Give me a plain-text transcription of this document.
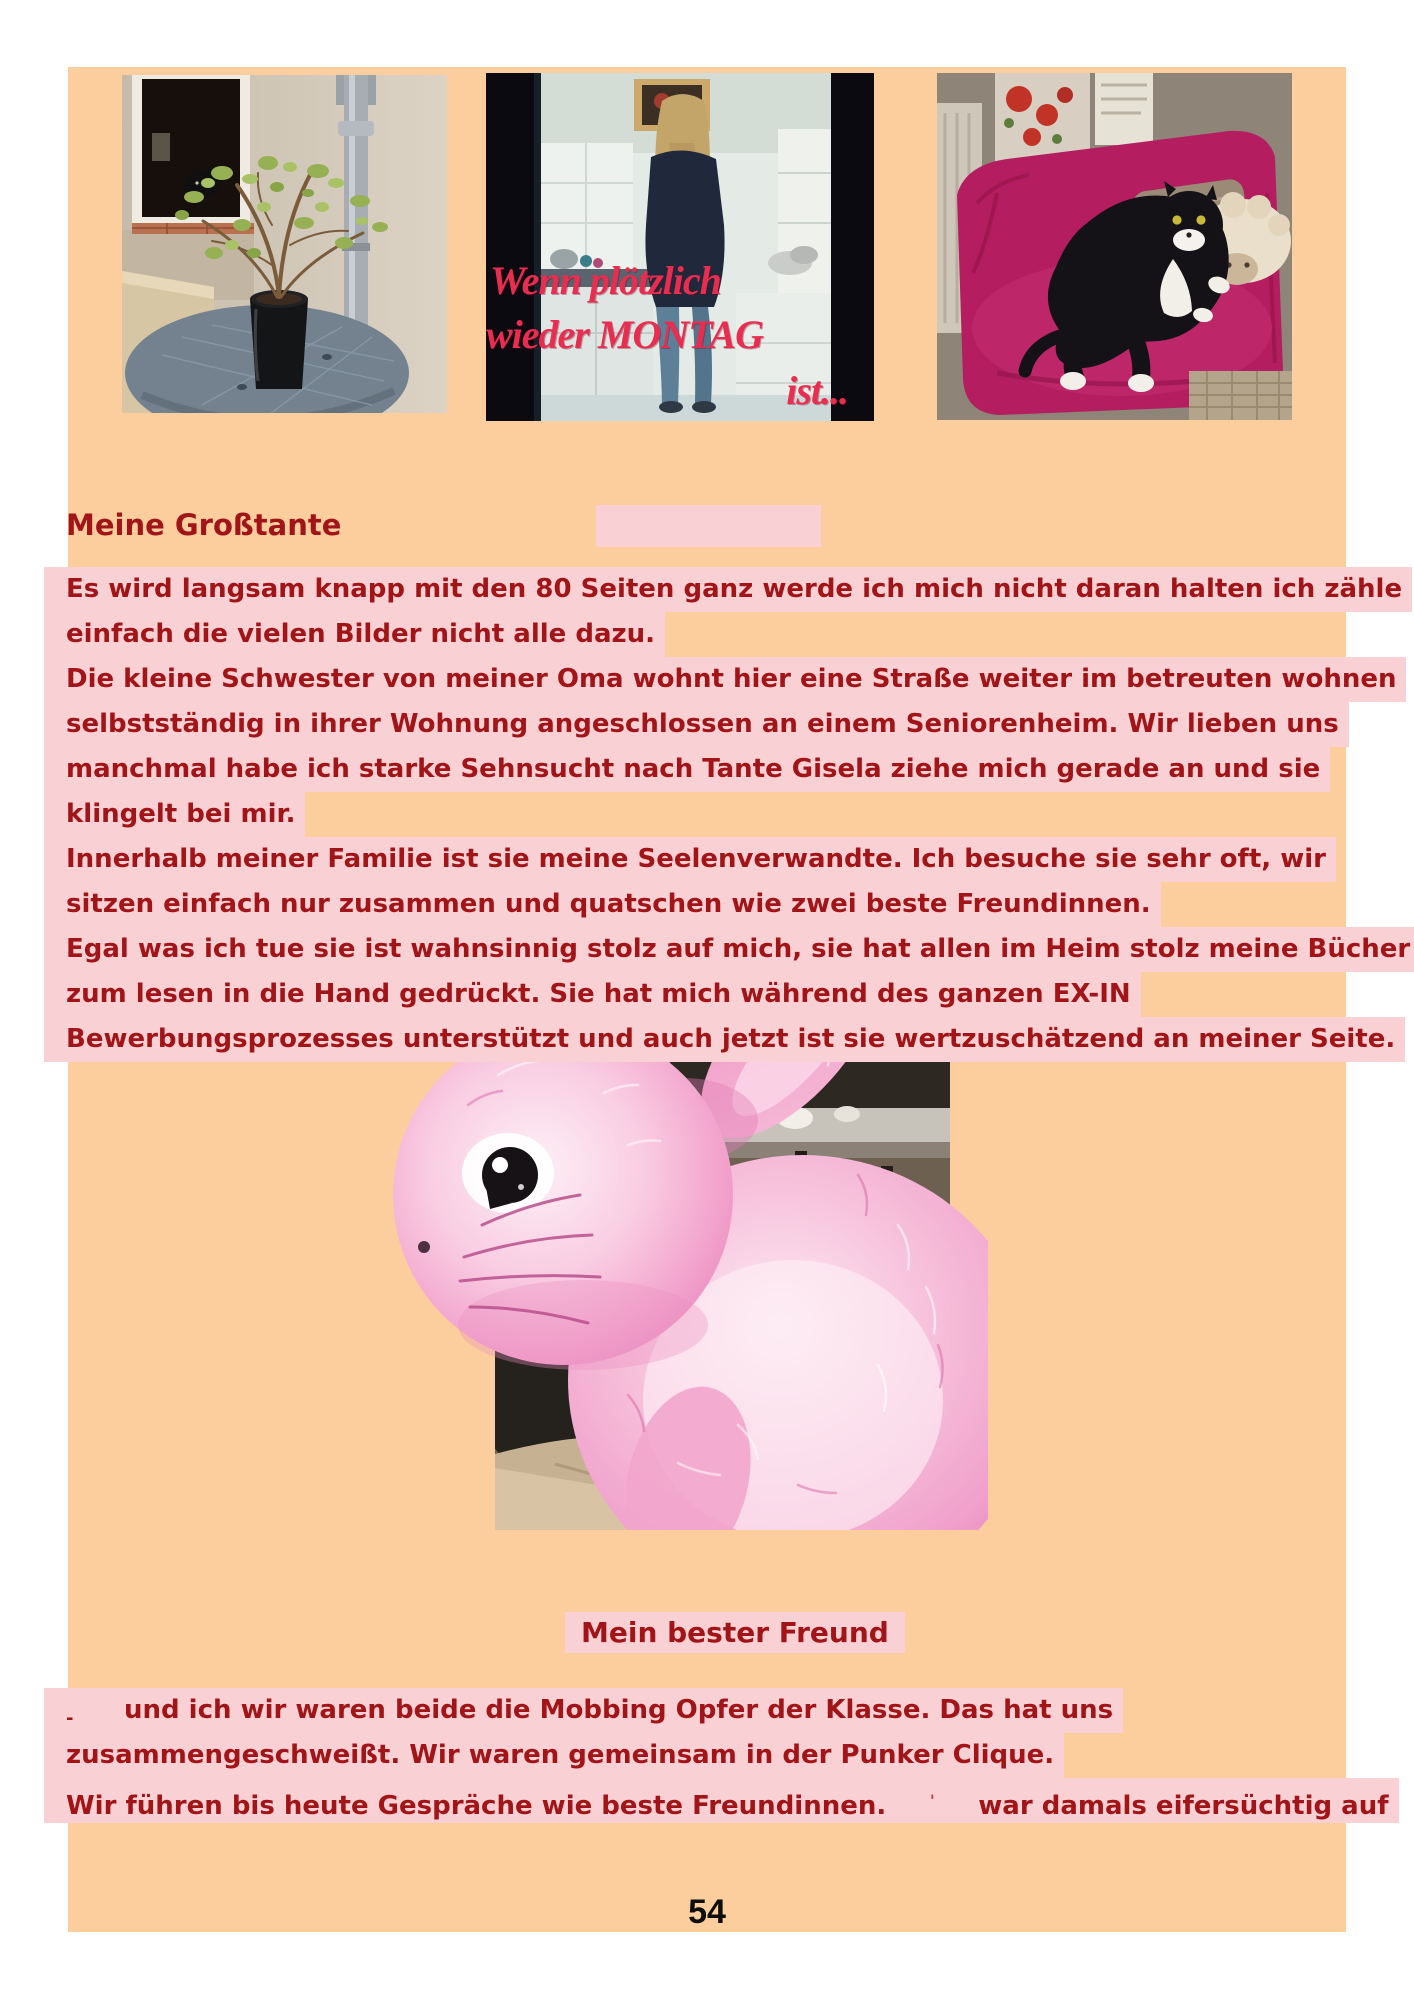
Wenn plötzlich
wieder MONTAG
ist...
Meine Großtante
Es wird langsam knapp mit den 80 Seiten ganz werde ich mich nicht daran halten ich zähle
einfach die vielen Bilder nicht alle dazu.
Die kleine Schwester von meiner Oma wohnt hier eine Straße weiter im betreuten wohnen
selbstständig in ihrer Wohnung angeschlossen an einem Seniorenheim. Wir lieben uns
manchmal habe ich starke Sehnsucht nach Tante Gisela ziehe mich gerade an und sie
klingelt bei mir.
Innerhalb meiner Familie ist sie meine Seelenverwandte. Ich besuche sie sehr oft, wir
sitzen einfach nur zusammen und quatschen wie zwei beste Freundinnen.
Egal was ich tue sie ist wahnsinnig stolz auf mich, sie hat allen im Heim stolz meine Bücher
zum lesen in die Hand gedrückt. Sie hat mich während des ganzen EX-IN
Bewerbungsprozesses unterstützt und auch jetzt ist sie wertzuschätzend an meiner Seite.
Mein bester Freund
- und ich wir waren beide die Mobbing Opfer der Klasse. Das hat uns
zusammengeschweißt. Wir waren gemeinsam in der Punker Clique.
Wir führen bis heute Gespräche wie beste Freundinnen.	' war damals eifersüchtig auf
54
